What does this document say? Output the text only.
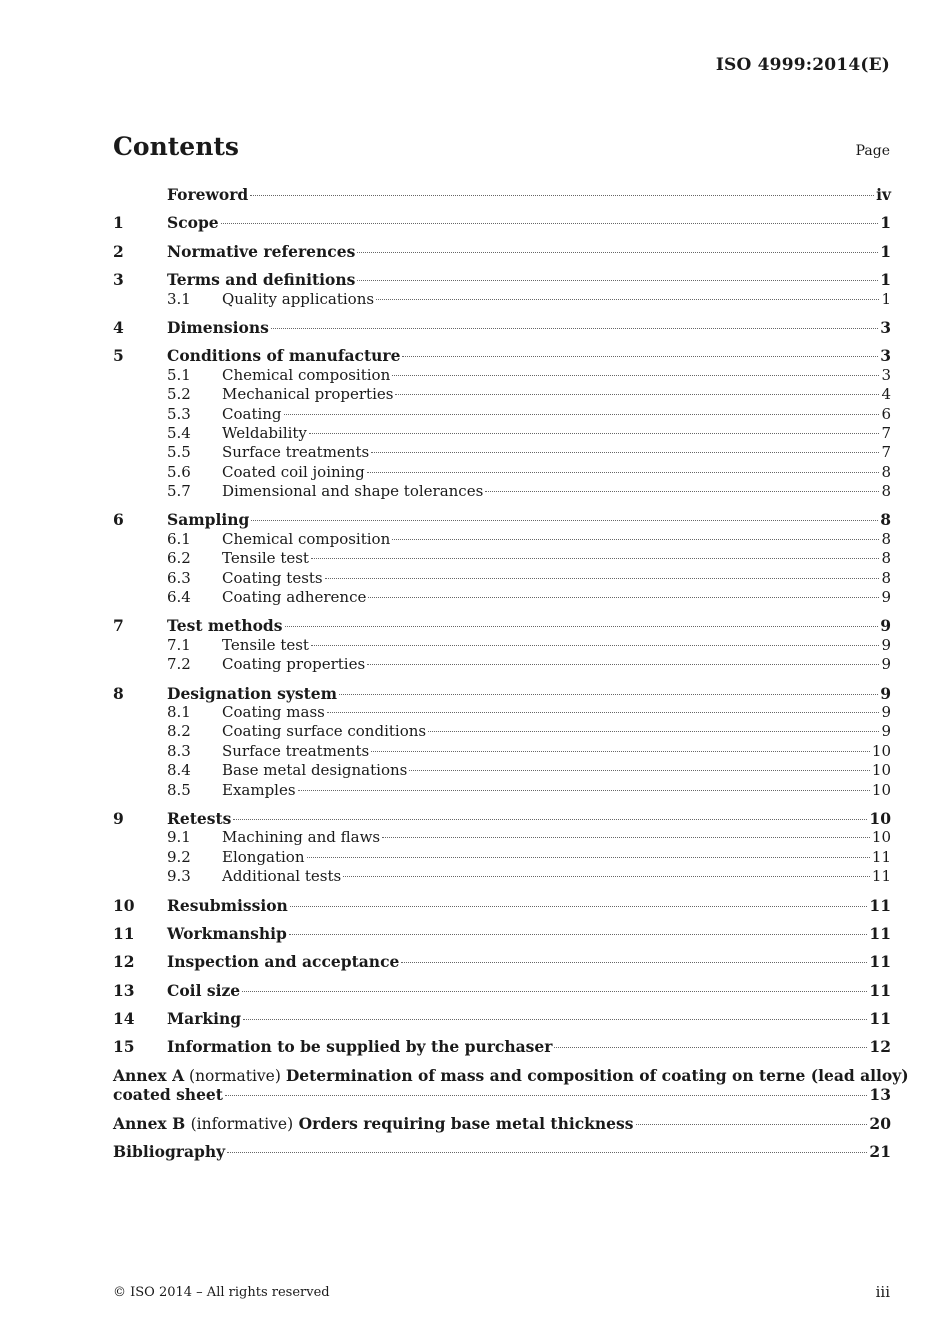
ISO 4999:2014(E)
Contents	Page
Foreword	iv
1	Scope	1
2	Normative references	1
3	Terms and definitions	1
3.1	Quality applications	1
4	Dimensions	3
5	Conditions of manufacture	3
5.1	Chemical composition	3
5.2	Mechanical properties	4
5.3	Coating	6
5.4	Weldability	7
5.5	Surface treatments	7
5.6	Coated coil joining	8
5.7	Dimensional and shape tolerances	8
6	Sampling	8
6.1	Chemical composition	8
6.2	Tensile test	8
6.3	Coating tests	8
6.4	Coating adherence	9
7	Test methods	9
7.1	Tensile test	9
7.2	Coating properties	9
8	Designation system	9
8.1	Coating mass	9
8.2	Coating surface conditions	9
8.3	Surface treatments	10
8.4	Base metal designations	10
8.5	Examples	10
9	Retests	10
9.1	Machining and flaws	10
9.2	Elongation	11
9.3	Additional tests	11
10	Resubmission	11
11	Workmanship	11
12	Inspection and acceptance	11
13	Coil size	11
14	Marking	11
15	Information to be supplied by the purchaser	12
Annex A (normative) Determination of mass and composition of coating on terne (lead alloy)
coated sheet	13
Annex B (informative) Orders requiring base metal thickness	20
Bibliography	21
© ISO 2014 – All rights reserved	iii
